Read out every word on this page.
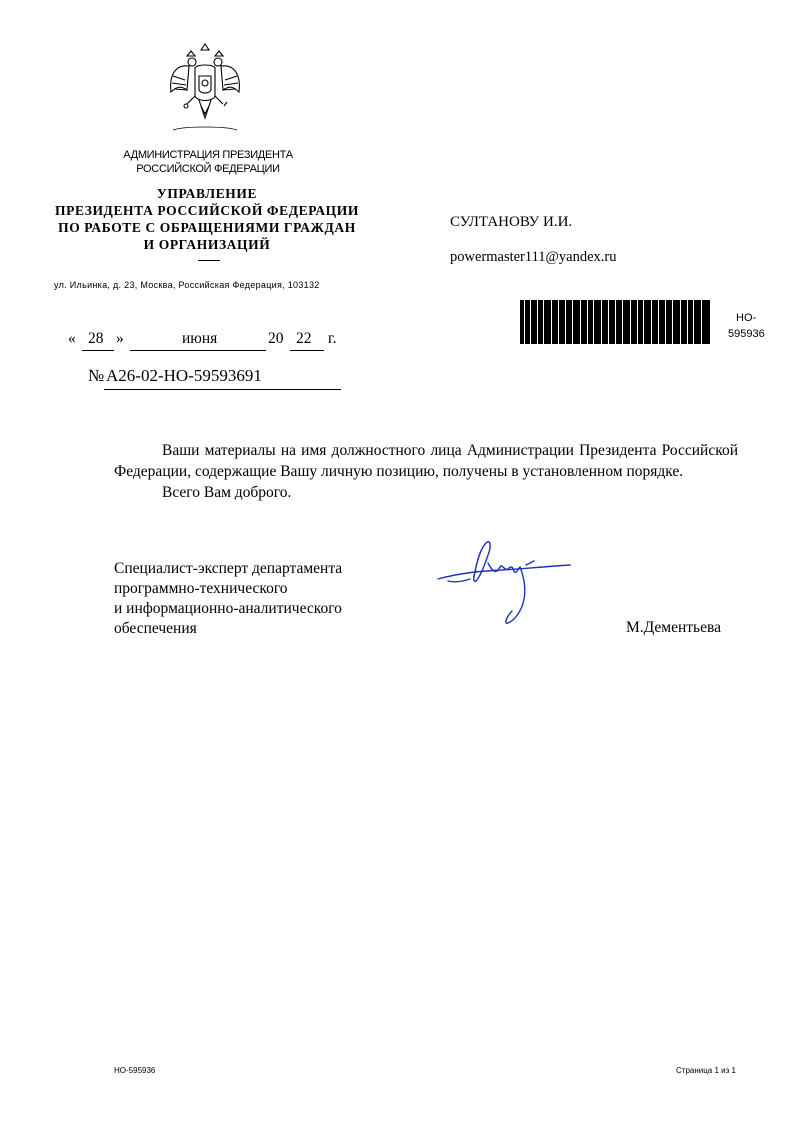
АДМИНИСТРАЦИЯ ПРЕЗИДЕНТА
РОССИЙСКОЙ ФЕДЕРАЦИИ
УПРАВЛЕНИЕ
ПРЕЗИДЕНТА РОССИЙСКОЙ ФЕДЕРАЦИИ
ПО РАБОТЕ С ОБРАЩЕНИЯМИ ГРАЖДАН
И ОРГАНИЗАЦИЙ
ул. Ильинка, д. 23, Москва, Российская Федерация, 103132
СУЛТАНОВУ И.И.
powermaster111@yandex.ru
НО-
595936
« 28 »	июня	20 22 г.
№ А26-02-НО-59593691

Ваши материалы на имя должностного лица Администрации Президента Российской Федерации, содержащие Вашу личную позицию, получены в установленном порядке.

Всего Вам доброго.

Специалист-эксперт департамента
программно-технического
и информационно-аналитического
обеспечения	М.Дементьева
НО-595936	Страница 1 из 1
